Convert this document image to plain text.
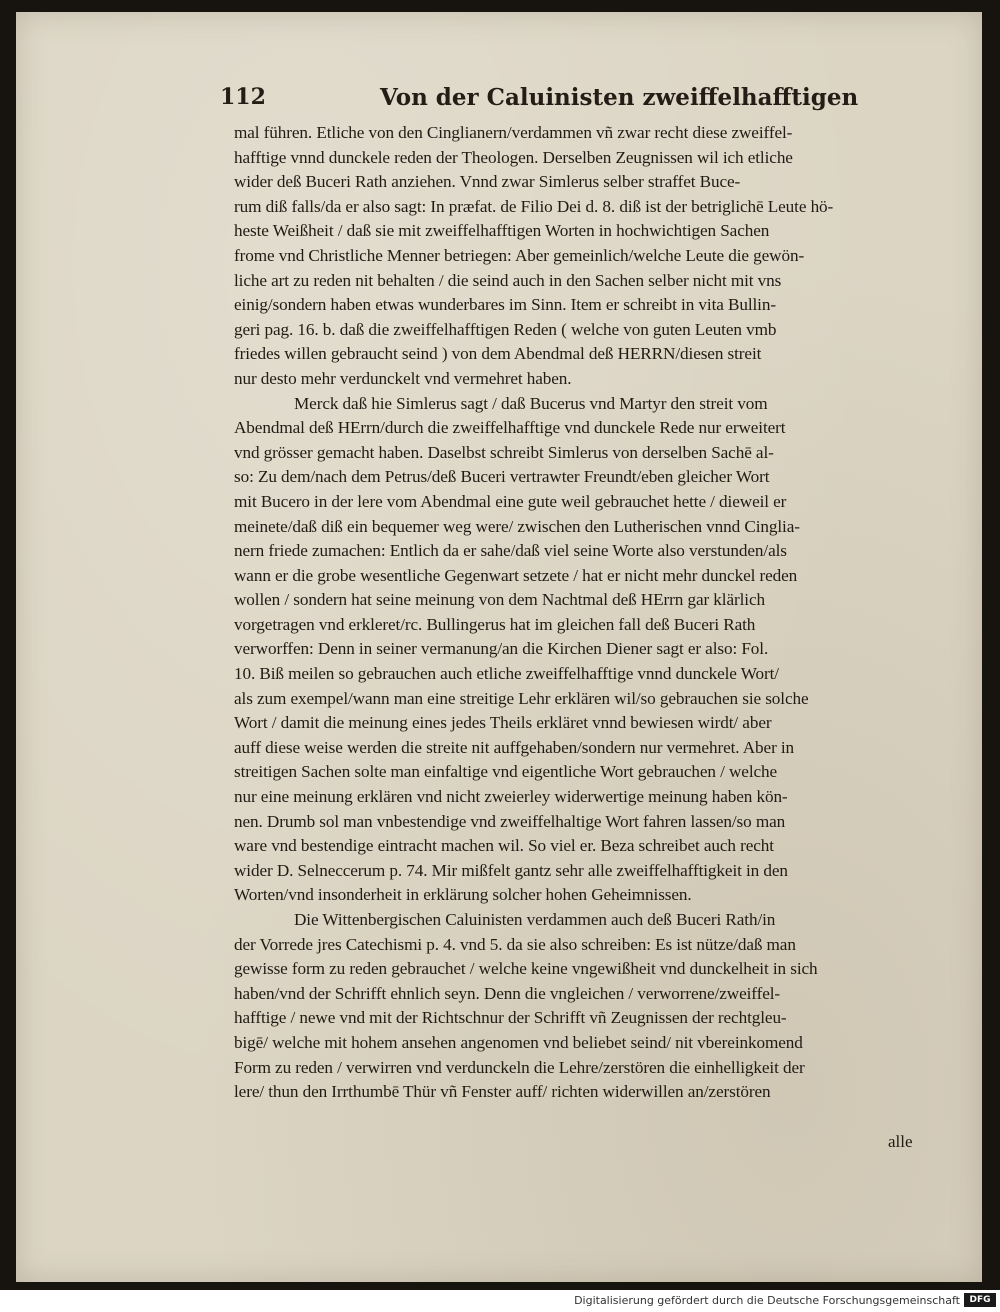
112	Von der Caluinisten zweiffelhafftigen
mal führen. Etliche von den Cinglianern/verdammen vñ zwar recht diese zweiffel-
hafftige vnnd dunckele reden der Theologen. Derselben Zeugnissen wil ich etliche
wider deß Buceri Rath anziehen. Vnnd zwar Simlerus selber straffet Buce-
rum diß falls/da er also sagt: In præfat. de Filio Dei d. 8. diß ist der betriglichē Leute hö-
heste Weißheit / daß sie mit zweiffelhafftigen Worten in hochwichtigen Sachen
frome vnd Christliche Menner betriegen: Aber gemeinlich/welche Leute die gewön-
liche art zu reden nit behalten / die seind auch in den Sachen selber nicht mit vns
einig/sondern haben etwas wunderbares im Sinn. Item er schreibt in vita Bullin-
geri pag. 16. b. daß die zweiffelhafftigen Reden ( welche von guten Leuten vmb
friedes willen gebraucht seind ) von dem Abendmal deß HERRN/diesen streit
nur desto mehr verdunckelt vnd vermehret haben.
Merck daß hie Simlerus sagt / daß Bucerus vnd Martyr den streit vom
Abendmal deß HErrn/durch die zweiffelhafftige vnd dunckele Rede nur erweitert
vnd grösser gemacht haben. Daselbst schreibt Simlerus von derselben Sachē al-
so: Zu dem/nach dem Petrus/deß Buceri vertrawter Freundt/eben gleicher Wort
mit Bucero in der lere vom Abendmal eine gute weil gebrauchet hette / dieweil er
meinete/daß diß ein bequemer weg were/ zwischen den Lutherischen vnnd Cinglia-
nern friede zumachen: Entlich da er sahe/daß viel seine Worte also verstunden/als
wann er die grobe wesentliche Gegenwart setzete / hat er nicht mehr dunckel reden
wollen / sondern hat seine meinung von dem Nachtmal deß HErrn gar klärlich
vorgetragen vnd erkleret/rc. Bullingerus hat im gleichen fall deß Buceri Rath
verworffen: Denn in seiner vermanung/an die Kirchen Diener sagt er also: Fol.
10. Biß meilen so gebrauchen auch etliche zweiffelhafftige vnnd dunckele Wort/
als zum exempel/wann man eine streitige Lehr erklären wil/so gebrauchen sie solche
Wort / damit die meinung eines jedes Theils erkläret vnnd bewiesen wirdt/ aber
auff diese weise werden die streite nit auffgehaben/sondern nur vermehret. Aber in
streitigen Sachen solte man einfaltige vnd eigentliche Wort gebrauchen / welche
nur eine meinung erklären vnd nicht zweierley widerwertige meinung haben kön-
nen. Drumb sol man vnbestendige vnd zweiffelhaltige Wort fahren lassen/so man
ware vnd bestendige eintracht machen wil. So viel er. Beza schreibet auch recht
wider D. Selneccerum p. 74. Mir mißfelt gantz sehr alle zweiffelhafftigkeit in den
Worten/vnd insonderheit in erklärung solcher hohen Geheimnissen.
Die Wittenbergischen Caluinisten verdammen auch deß Buceri Rath/in
der Vorrede jres Catechismi p. 4. vnd 5. da sie also schreiben: Es ist nütze/daß man
gewisse form zu reden gebrauchet / welche keine vngewißheit vnd dunckelheit in sich
haben/vnd der Schrifft ehnlich seyn. Denn die vngleichen / verworrene/zweiffel-
hafftige / newe vnd mit der Richtschnur der Schrifft vñ Zeugnissen der rechtgleu-
bigē/ welche mit hohem ansehen angenomen vnd beliebet seind/ nit vbereinkomend
Form zu reden / verwirren vnd verdunckeln die Lehre/zerstören die einhelligkeit der
lere/ thun den Irrthumbē Thür vñ Fenster auff/ richten widerwillen an/zerstören
alle
Digitalisierung gefördert durch die Deutsche Forschungsgemeinschaft	DFG
